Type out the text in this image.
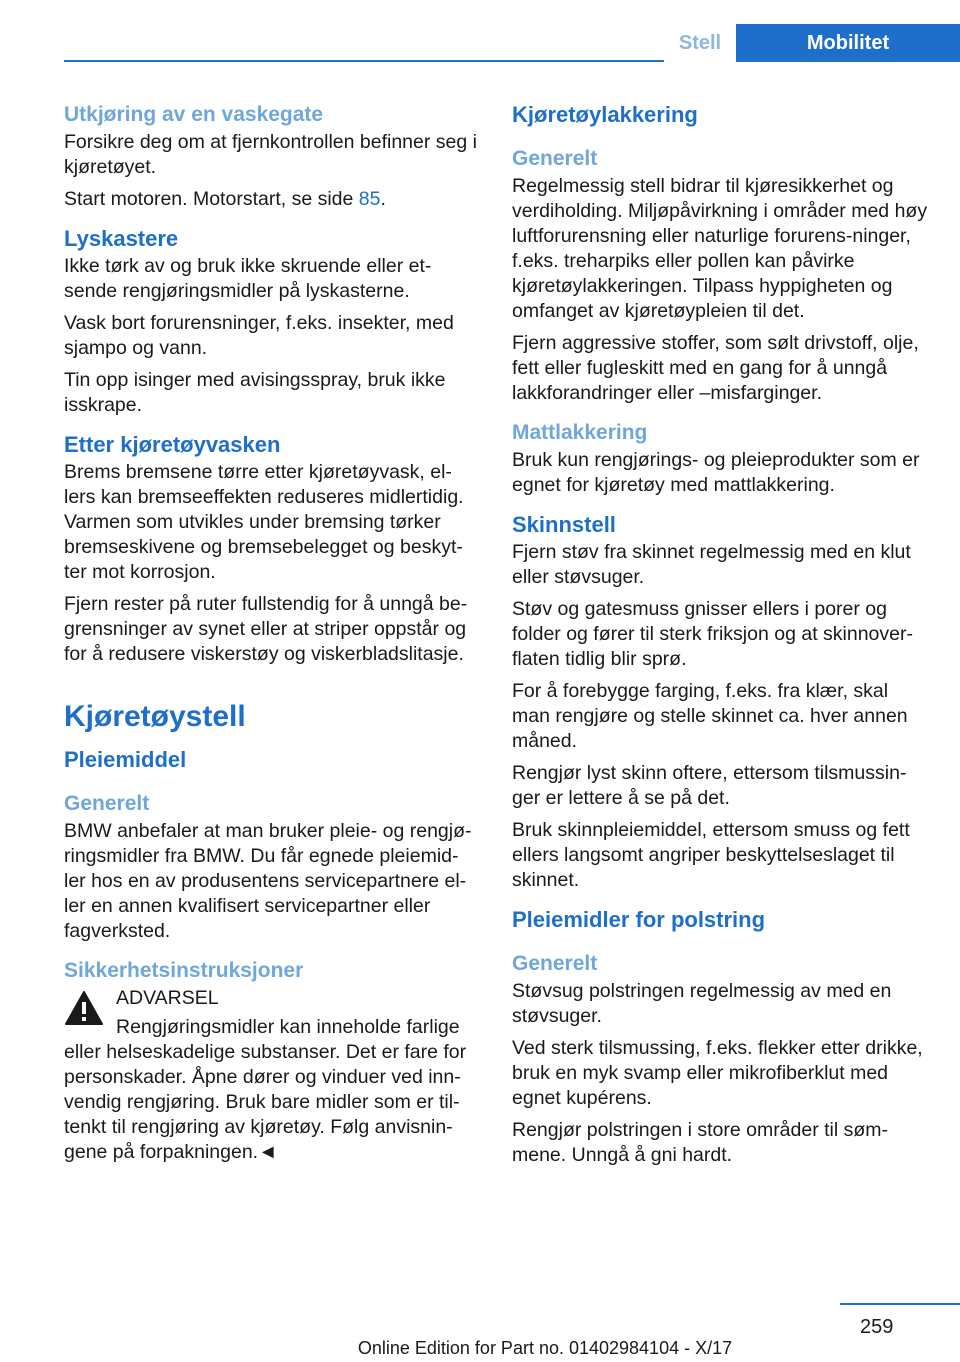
Stell	Mobilitet
Utkjøring av en vaskegate

Forsikre deg om at fjernkontrollen befinner seg i kjøretøyet.

Start motoren. Motorstart, se side 85.

Lyskastere

Ikke tørk av og bruk ikke skruende eller et-sende rengjøringsmidler på lyskasterne.

Vask bort forurensninger, f.eks. insekter, med sjampo og vann.

Tin opp isinger med avisingsspray, bruk ikke isskrape.

Etter kjøretøyvasken

Brems bremsene tørre etter kjøretøyvask, el-lers kan bremseeffekten reduseres midlertidig. Varmen som utvikles under bremsing tørker bremseskivene og bremsebelegget og beskyt-ter mot korrosjon.

Fjern rester på ruter fullstendig for å unngå be-grensninger av synet eller at striper oppstår og for å redusere viskerstøy og viskerbladslitasje.

Kjøretøystell
Pleiemiddel
Generelt

BMW anbefaler at man bruker pleie- og rengjø-ringsmidler fra BMW. Du får egnede pleiemid-ler hos en av produsentens servicepartnere el-ler en annen kvalifisert servicepartner eller fagverksted.

Sikkerhetsinstruksjoner

ADVARSEL

Rengjøringsmidler kan inneholde farlige eller helseskadelige substanser. Det er fare for personskader. Åpne dører og vinduer ved inn-vendig rengjøring. Bruk bare midler som er til-tenkt til rengjøring av kjøretøy. Følg anvisnin-gene på forpakningen.◄

Kjøretøylakkering
Generelt

Regelmessig stell bidrar til kjøresikkerhet og verdiholding. Miljøpåvirkning i områder med høy luftforurensning eller naturlige forurens-ninger, f.eks. treharpiks eller pollen kan påvirke kjøretøylakkeringen. Tilpass hyppigheten og omfanget av kjøretøypleien til det.

Fjern aggressive stoffer, som sølt drivstoff, olje, fett eller fugleskitt med en gang for å unngå lakkforandringer eller –misfarginger.

Mattlakkering

Bruk kun rengjørings- og pleieprodukter som er egnet for kjøretøy med mattlakkering.

Skinnstell

Fjern støv fra skinnet regelmessig med en klut eller støvsuger.

Støv og gatesmuss gnisser ellers i porer og folder og fører til sterk friksjon og at skinnover-flaten tidlig blir sprø.

For å forebygge farging, f.eks. fra klær, skal man rengjøre og stelle skinnet ca. hver annen måned.

Rengjør lyst skinn oftere, ettersom tilsmussin-ger er lettere å se på det.

Bruk skinnpleiemiddel, ettersom smuss og fett ellers langsomt angriper beskyttelseslaget til skinnet.

Pleiemidler for polstring
Generelt

Støvsug polstringen regelmessig av med en støvsuger.

Ved sterk tilsmussing, f.eks. flekker etter drikke, bruk en myk svamp eller mikrofiberklut med egnet kupérens.

Rengjør polstringen i store områder til søm-mene. Unngå å gni hardt.

259
Online Edition for Part no. 01402984104 - X/17
